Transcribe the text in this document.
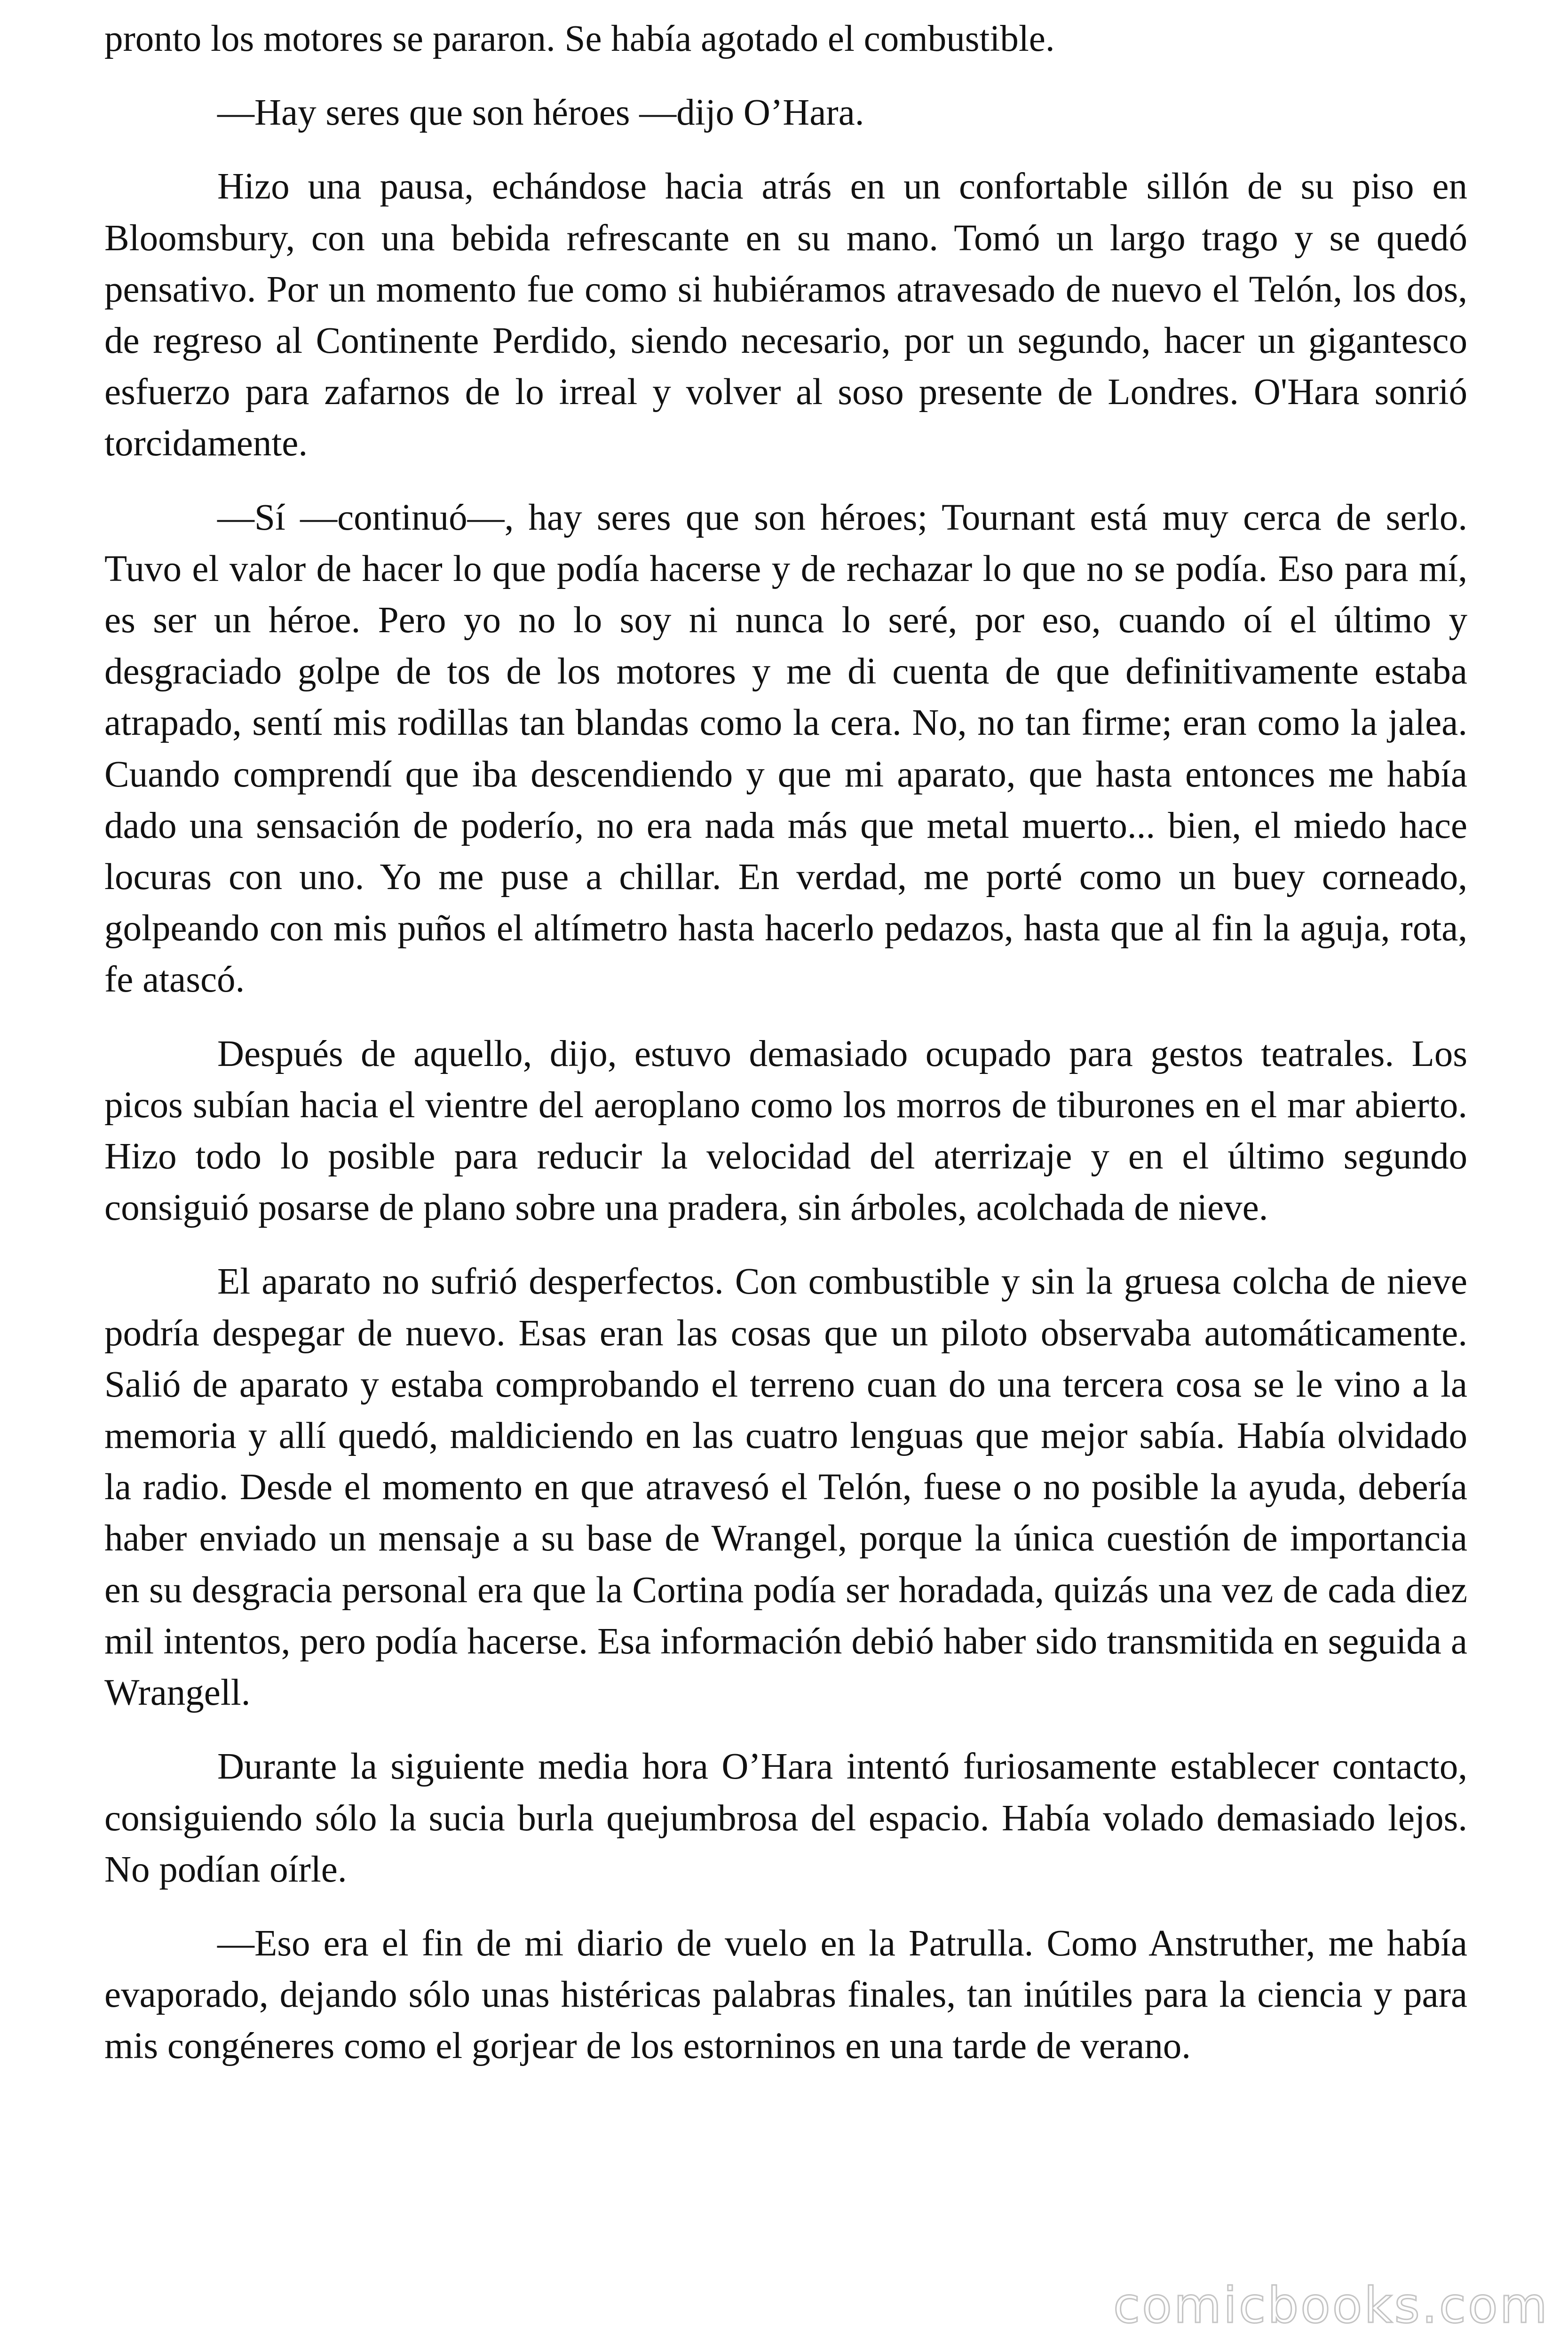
pronto los motores se pararon. Se había agotado el combustible.

—Hay seres que son héroes —dijo O’Hara.

Hizo una pausa, echándose hacia atrás en un confortable sillón de su piso en Bloomsbury, con una bebida refrescante en su mano. Tomó un largo trago y se quedó pensativo. Por un momento fue como si hubiéramos atravesado de nuevo el Telón, los dos, de regreso al Continente Perdido, siendo necesario, por un segundo, hacer un gigantesco esfuerzo para zafarnos de lo irreal y volver al soso presente de Londres. O'Hara sonrió torcidamente.

—Sí —continuó—, hay seres que son héroes; Tournant está muy cerca de serlo. Tuvo el valor de hacer lo que podía hacerse y de rechazar lo que no se podía. Eso para mí, es ser un héroe. Pero yo no lo soy ni nunca lo seré, por eso, cuando oí el último y desgraciado golpe de tos de los motores y me di cuenta de que definitivamente estaba atrapado, sentí mis rodillas tan blandas como la cera. No, no tan firme; eran como la jalea. Cuando comprendí que iba descendiendo y que mi aparato, que hasta entonces me había dado una sensación de poderío, no era nada más que metal muerto... bien, el miedo hace locuras con uno. Yo me puse a chillar. En verdad, me porté como un buey corneado, golpeando con mis puños el altímetro hasta hacerlo pedazos, hasta que al fin la aguja, rota, fe atascó.

Después de aquello, dijo, estuvo demasiado ocupado para gestos teatrales. Los picos subían hacia el vientre del aeroplano como los morros de tiburones en el mar abierto. Hizo todo lo posible para reducir la velocidad del aterrizaje y en el último segundo consiguió posarse de plano sobre una pradera, sin árboles, acolchada de nieve.

El aparato no sufrió desperfectos. Con combustible y sin la gruesa colcha de nieve podría despegar de nuevo. Esas eran las cosas que un piloto observaba automáticamente. Salió de aparato y estaba comprobando el terreno cuan do una tercera cosa se le vino a la memoria y allí quedó, maldiciendo en las cuatro lenguas que mejor sabía. Había olvidado la radio. Desde el momento en que atravesó el Telón, fuese o no posible la ayuda, debería haber enviado un mensaje a su base de Wrangel, porque la única cuestión de importancia en su desgracia personal era que la Cortina podía ser horadada, quizás una vez de cada diez mil intentos, pero podía hacerse. Esa información debió haber sido transmitida en seguida a Wrangell.

Durante la siguiente media hora O’Hara intentó furiosamente establecer contacto, consiguiendo sólo la sucia burla quejumbrosa del espacio. Había volado demasiado lejos. No podían oírle.

—Eso era el fin de mi diario de vuelo en la Patrulla. Como Anstruther, me había evaporado, dejando sólo unas histéricas palabras finales, tan inútiles para la ciencia y para mis congéneres como el gorjear de los estorninos en una tarde de verano.

comicbooks.com
